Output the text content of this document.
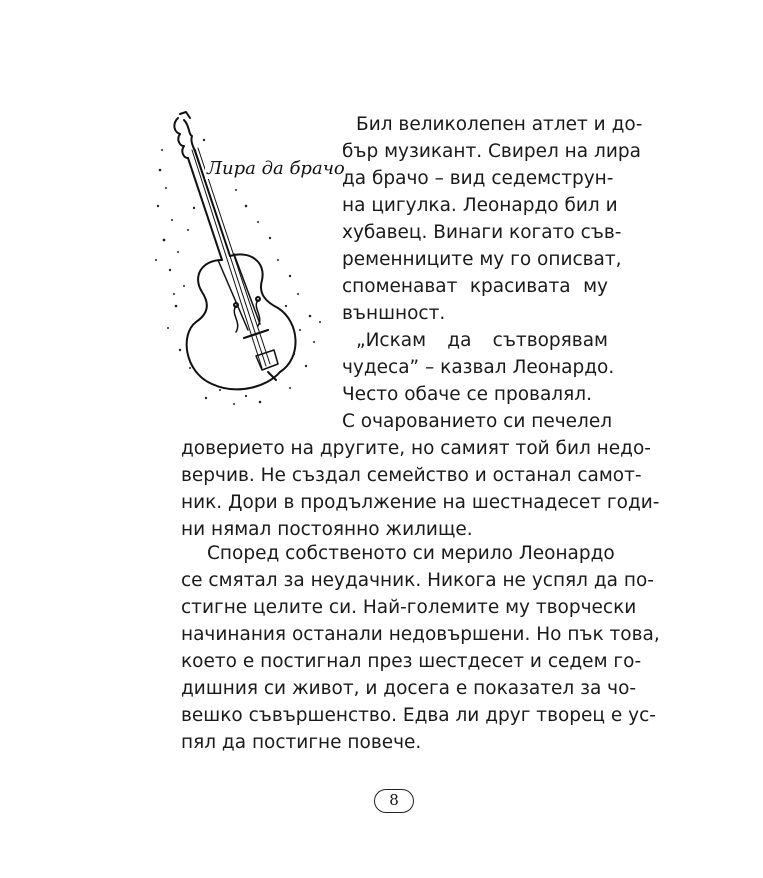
Лира да брачо
Бил великолепен атлет и до-
бър музикант. Свирел на лира
да брачо – вид седемструн-
на цигулка. Леонардо бил и
хубавец. Винаги когато съв-
ременниците му го описват,
споменават красивата му
външност.
„Искам да сътворявам
чудеса” – казвал Леонардо.
Често обаче се провалял.
С очарованието си печелел
доверието на другите, но самият той бил недо-
верчив. Не създал семейство и останал самот-
ник. Дори в продължение на шестнадесет годи-
ни нямал постоянно жилище.
Според собственото си мерило Леонардо
се смятал за неудачник. Никога не успял да по-
стигне целите си. Най-големите му творчески
начинания останали недовършени. Но пък това,
което е постигнал през шестдесет и седем го-
дишния си живот, и досега е показател за чо-
вешко съвършенство. Едва ли друг творец е ус-
пял да постигне повече.
8
